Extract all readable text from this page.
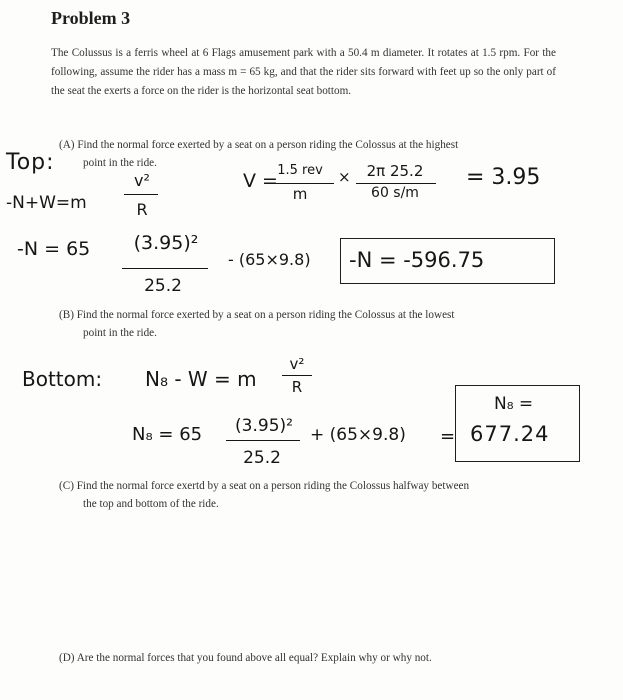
Problem 3
The Colussus is a ferris wheel at 6 Flags amusement park with a 50.4 m diameter. It rotates at 1.5 rpm. For the following, assume the rider has a mass m = 65 kg, and that the rider sits forward with feet up so the only part of the seat the exerts a force on the rider is the horizontal seat bottom.
(A) Find the normal force exerted by a seat on a person riding the Colossus at the highest
point in the ride.
Top:
-N+W=m
v²
R
V = 1.5 rev
m
×	2π 25.2
60 s/m
= 3.95
-N = 65	(3.95)²
25.2
- (65×9.8) -N = -596.75
(B) Find the normal force exerted by a seat on a person riding the Colossus at the lowest
point in the ride.
Bottom: N₈ - W = m
v²
R
N₈ = 65	(3.95)²
25.2
+ (65×9.8) =
N₈ =
677.24
(C) Find the normal force exertd by a seat on a person riding the Colossus halfway between
the top and bottom of the ride.
(D) Are the normal forces that you found above all equal? Explain why or why not.
